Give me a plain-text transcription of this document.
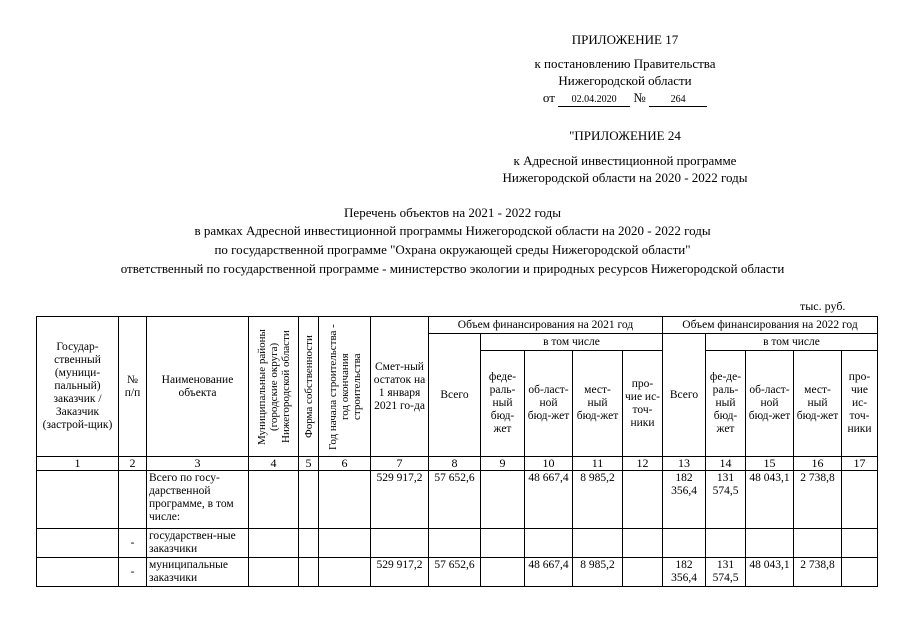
ПРИЛОЖЕНИЕ 17
к постановлению Правительства
Нижегородской области
от 02.04.2020 № 264
"ПРИЛОЖЕНИЕ 24
к Адресной инвестиционной программе
Нижегородской области на 2020 - 2022 годы
Перечень объектов на 2021 - 2022 годы
в рамках Адресной инвестиционной программы Нижегородской области на 2020 - 2022 годы
по государственной программе "Охрана окружающей среды Нижегородской области"
ответственный по государственной программе - министерство экологии и природных ресурсов Нижегородской области
тыс. руб.
Государ-ственный (муници-пальный) заказчик / Заказчик (застрой-щик)	№ п/п	Наименование объекта	Муниципальные районы (городские округа) Нижегородской области	Форма собственности	Год начала строительства - год окончания строительства	Смет-ный остаток на 1 января 2021 го-да	Объем финансирования на 2021 год					Объем финансирования на 2022 год				
							Всего	в том числе				Всего	в том числе			
								феде-раль-ный бюд-жет	об-ласт-ной бюд-жет	мест-ный бюд-жет	про-чие ис-точ-ники		фе-де-раль-ный бюд-жет	об-ласт-ной бюд-жет	мест-ный бюд-жет	про-чие ис-точ-ники
1	2	3	4	5	6	7	8	9	10	11	12	13	14	15	16	17
		Всего по госу-дарственной программе, в том числе:				529 917,2	57 652,6		48 667,4	8 985,2		182 356,4	131 574,5	48 043,1	2 738,8	
	-	государствен-ные заказчики														
	-	муниципальные заказчики				529 917,2	57 652,6		48 667,4	8 985,2		182 356,4	131 574,5	48 043,1	2 738,8	
